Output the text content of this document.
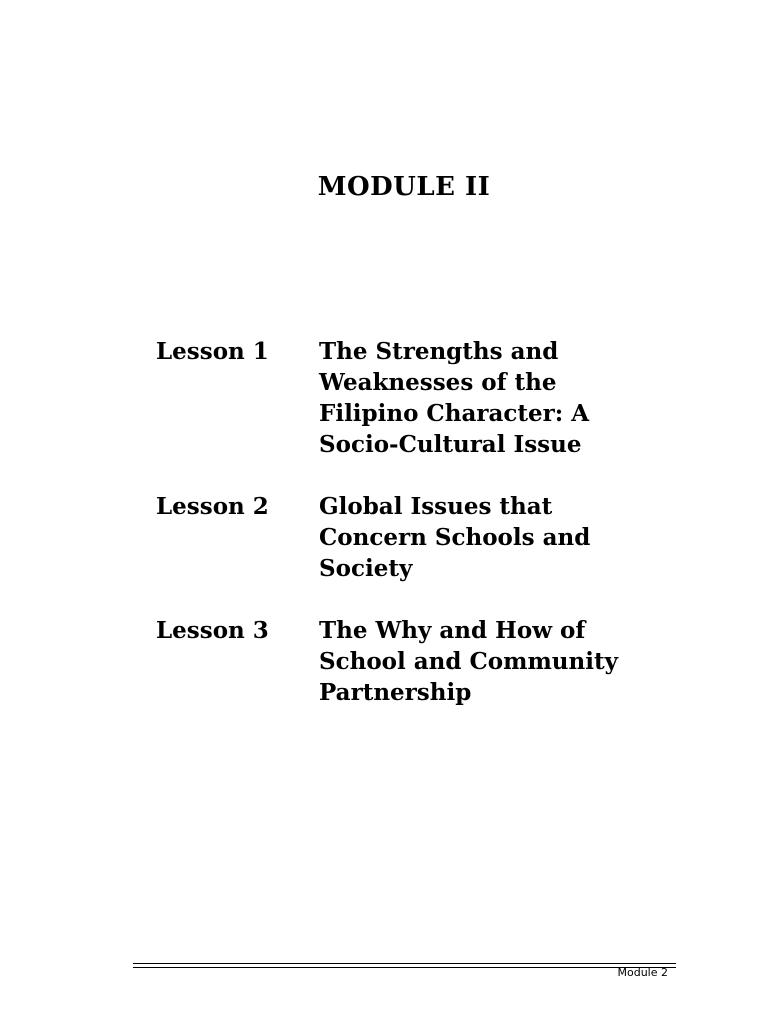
MODULE II
Lesson 1	The Strengths and
Weaknesses of the
Filipino Character: A
Socio-Cultural Issue
Lesson 2	Global Issues that
Concern Schools and
Society
Lesson 3	The Why and How of
School and Community
Partnership
Module 2
